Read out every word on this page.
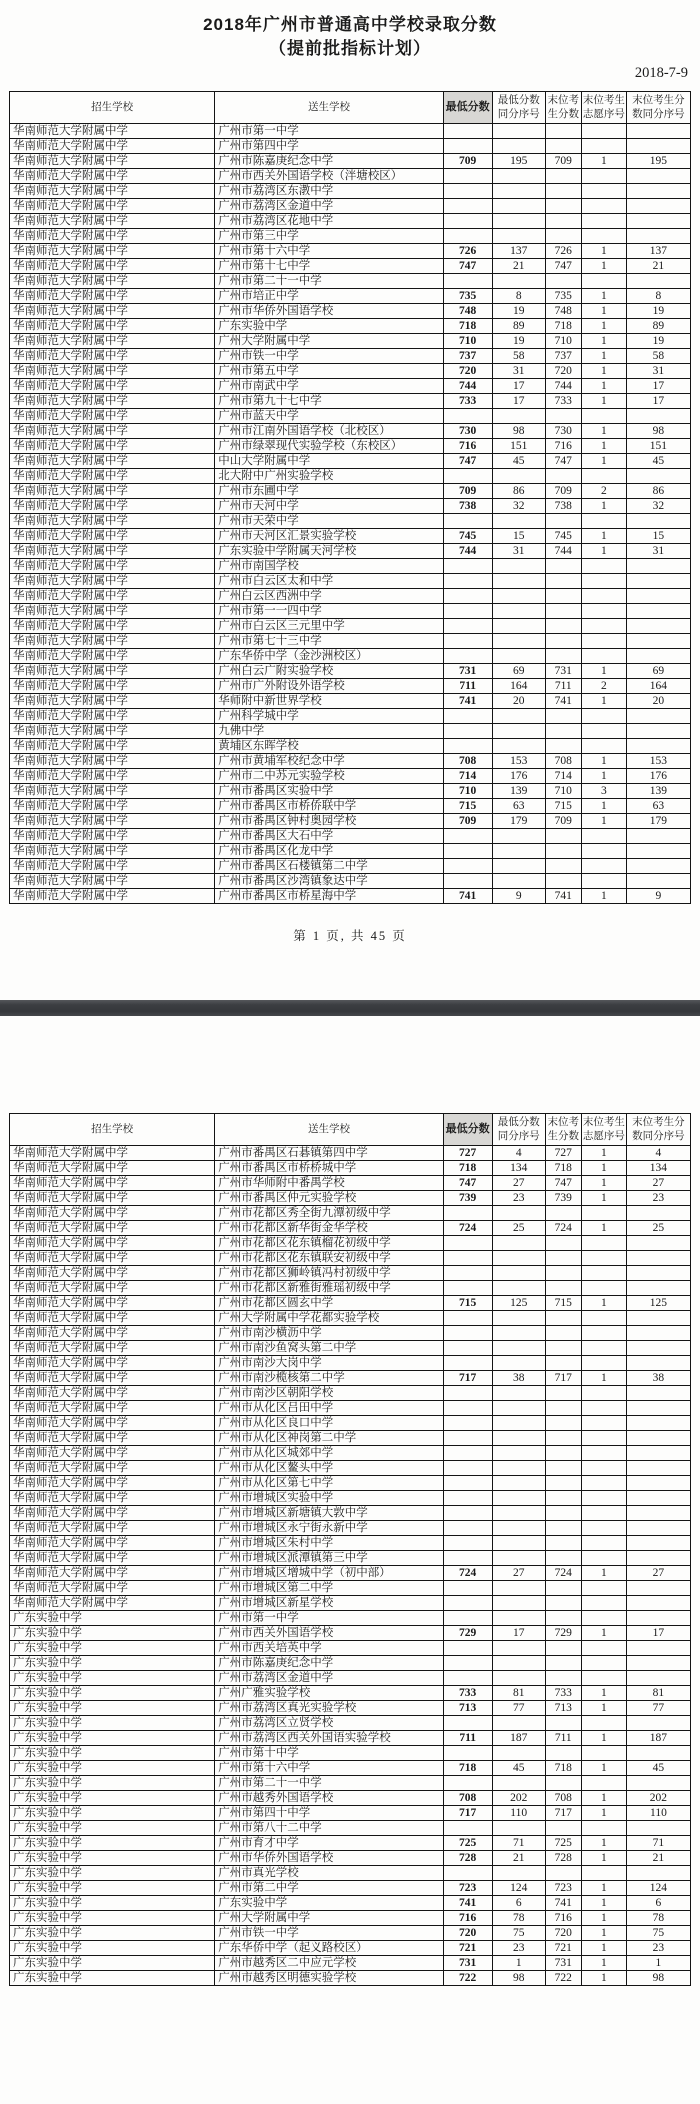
2018年广州市普通高中学校录取分数
（提前批指标计划）
2018-7-9
招生学校	送生学校	最低分数	最低分数同分序号	末位考生分数	末位考生志愿序号	末位考生分数同分序号
华南师范大学附属中学	广州市第一中学					
华南师范大学附属中学	广州市第四中学					
华南师范大学附属中学	广州市陈嘉庚纪念中学	709	195	709	1	195
华南师范大学附属中学	广州市西关外国语学校（泮塘校区）					
华南师范大学附属中学	广州市荔湾区东漖中学					
华南师范大学附属中学	广州市荔湾区金道中学					
华南师范大学附属中学	广州市荔湾区花地中学					
华南师范大学附属中学	广州市第三中学					
华南师范大学附属中学	广州市第十六中学	726	137	726	1	137
华南师范大学附属中学	广州市第十七中学	747	21	747	1	21
华南师范大学附属中学	广州市第二十一中学					
华南师范大学附属中学	广州市培正中学	735	8	735	1	8
华南师范大学附属中学	广州市华侨外国语学校	748	19	748	1	19
华南师范大学附属中学	广东实验中学	718	89	718	1	89
华南师范大学附属中学	广州大学附属中学	710	19	710	1	19
华南师范大学附属中学	广州市铁一中学	737	58	737	1	58
华南师范大学附属中学	广州市第五中学	720	31	720	1	31
华南师范大学附属中学	广州市南武中学	744	17	744	1	17
华南师范大学附属中学	广州市第九十七中学	733	17	733	1	17
华南师范大学附属中学	广州市蓝天中学					
华南师范大学附属中学	广州市江南外国语学校（北校区）	730	98	730	1	98
华南师范大学附属中学	广州市绿翠现代实验学校（东校区）	716	151	716	1	151
华南师范大学附属中学	中山大学附属中学	747	45	747	1	45
华南师范大学附属中学	北大附中广州实验学校					
华南师范大学附属中学	广州市东圃中学	709	86	709	2	86
华南师范大学附属中学	广州市天河中学	738	32	738	1	32
华南师范大学附属中学	广州市天荣中学					
华南师范大学附属中学	广州市天河区汇景实验学校	745	15	745	1	15
华南师范大学附属中学	广东实验中学附属天河学校	744	31	744	1	31
华南师范大学附属中学	广州市南国学校					
华南师范大学附属中学	广州市白云区太和中学					
华南师范大学附属中学	广州白云区西洲中学					
华南师范大学附属中学	广州市第一一四中学					
华南师范大学附属中学	广州市白云区三元里中学					
华南师范大学附属中学	广州市第七十三中学					
华南师范大学附属中学	广东华侨中学（金沙洲校区）					
华南师范大学附属中学	广州白云广附实验学校	731	69	731	1	69
华南师范大学附属中学	广州市广外附设外语学校	711	164	711	2	164
华南师范大学附属中学	华师附中新世界学校	741	20	741	1	20
华南师范大学附属中学	广州科学城中学					
华南师范大学附属中学	九佛中学					
华南师范大学附属中学	黄埔区东晖学校					
华南师范大学附属中学	广州市黄埔军校纪念中学	708	153	708	1	153
华南师范大学附属中学	广州市二中苏元实验学校	714	176	714	1	176
华南师范大学附属中学	广州市番禺区实验中学	710	139	710	3	139
华南师范大学附属中学	广州市番禺区市桥侨联中学	715	63	715	1	63
华南师范大学附属中学	广州市番禺区钟村奥园学校	709	179	709	1	179
华南师范大学附属中学	广州市番禺区大石中学					
华南师范大学附属中学	广州市番禺区化龙中学					
华南师范大学附属中学	广州市番禺区石楼镇第二中学					
华南师范大学附属中学	广州市番禺区沙湾镇象达中学					
华南师范大学附属中学	广州市番禺区市桥星海中学	741	9	741	1	9
第 1 页, 共 45 页
招生学校	送生学校	最低分数	最低分数同分序号	末位考生分数	末位考生志愿序号	末位考生分数同分序号
华南师范大学附属中学	广州市番禺区石碁镇第四中学	727	4	727	1	4
华南师范大学附属中学	广州市番禺区市桥桥城中学	718	134	718	1	134
华南师范大学附属中学	广州市华师附中番禺学校	747	27	747	1	27
华南师范大学附属中学	广州市番禺区仲元实验学校	739	23	739	1	23
华南师范大学附属中学	广州市花都区秀全街九潭初级中学					
华南师范大学附属中学	广州市花都区新华街金华学校	724	25	724	1	25
华南师范大学附属中学	广州市花都区花东镇榴花初级中学					
华南师范大学附属中学	广州市花都区花东镇联安初级中学					
华南师范大学附属中学	广州市花都区狮岭镇冯村初级中学					
华南师范大学附属中学	广州市花都区新雅街雅瑶初级中学					
华南师范大学附属中学	广州市花都区圆玄中学	715	125	715	1	125
华南师范大学附属中学	广州大学附属中学花都实验学校					
华南师范大学附属中学	广州市南沙横沥中学					
华南师范大学附属中学	广州市南沙鱼窝头第二中学					
华南师范大学附属中学	广州市南沙大岗中学					
华南师范大学附属中学	广州市南沙榄核第二中学	717	38	717	1	38
华南师范大学附属中学	广州市南沙区朝阳学校					
华南师范大学附属中学	广州市从化区吕田中学					
华南师范大学附属中学	广州市从化区良口中学					
华南师范大学附属中学	广州市从化区神岗第二中学					
华南师范大学附属中学	广州市从化区城郊中学					
华南师范大学附属中学	广州市从化区鳌头中学					
华南师范大学附属中学	广州市从化区第七中学					
华南师范大学附属中学	广州市增城区实验中学					
华南师范大学附属中学	广州市增城区新塘镇大敦中学					
华南师范大学附属中学	广州市增城区永宁街永新中学					
华南师范大学附属中学	广州市增城区朱村中学					
华南师范大学附属中学	广州市增城区派潭镇第三中学					
华南师范大学附属中学	广州市增城区增城中学（初中部）	724	27	724	1	27
华南师范大学附属中学	广州市增城区第二中学					
华南师范大学附属中学	广州市增城区新星学校					
广东实验中学	广州市第一中学					
广东实验中学	广州市西关外国语学校	729	17	729	1	17
广东实验中学	广州市西关培英中学					
广东实验中学	广州市陈嘉庚纪念中学					
广东实验中学	广州市荔湾区金道中学					
广东实验中学	广州广雅实验学校	733	81	733	1	81
广东实验中学	广州市荔湾区真光实验学校	713	77	713	1	77
广东实验中学	广州市荔湾区立贤学校					
广东实验中学	广州市荔湾区西关外国语实验学校	711	187	711	1	187
广东实验中学	广州市第十中学					
广东实验中学	广州市第十六中学	718	45	718	1	45
广东实验中学	广州市第二十一中学					
广东实验中学	广州市越秀外国语学校	708	202	708	1	202
广东实验中学	广州市第四十中学	717	110	717	1	110
广东实验中学	广州市第八十二中学					
广东实验中学	广州市育才中学	725	71	725	1	71
广东实验中学	广州市华侨外国语学校	728	21	728	1	21
广东实验中学	广州市真光学校					
广东实验中学	广州市第二中学	723	124	723	1	124
广东实验中学	广东实验中学	741	6	741	1	6
广东实验中学	广州大学附属中学	716	78	716	1	78
广东实验中学	广州市铁一中学	720	75	720	1	75
广东实验中学	广东华侨中学（起义路校区）	721	23	721	1	23
广东实验中学	广州市越秀区二中应元学校	731	1	731	1	1
广东实验中学	广州市越秀区明德实验学校	722	98	722	1	98
